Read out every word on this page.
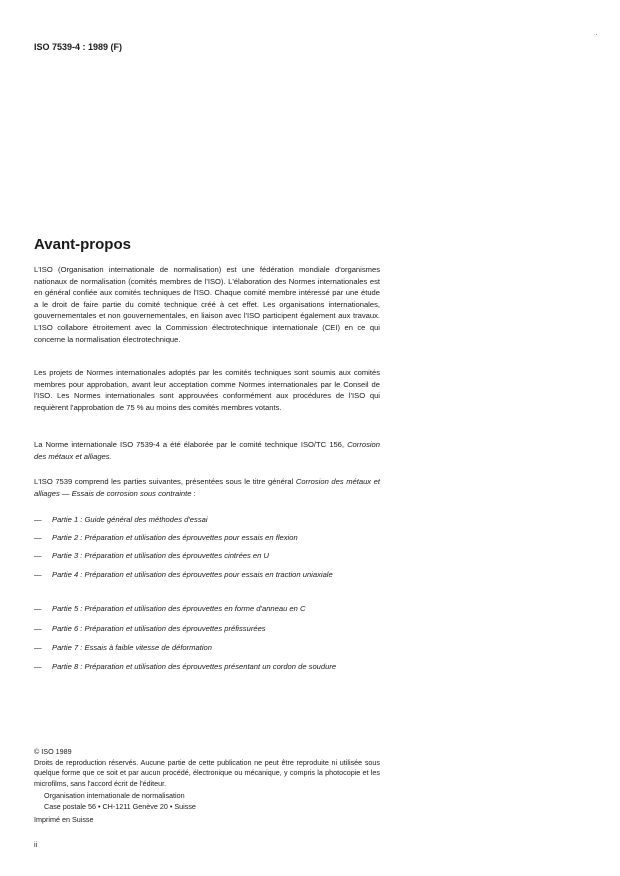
ISO 7539-4 : 1989 (F)
Avant-propos

L'ISO (Organisation internationale de normalisation) est une fédération mondiale d'organismes nationaux de normalisation (comités membres de l'ISO). L'élaboration des Normes internationales est en général confiée aux comités techniques de l'ISO. Chaque comité membre intéressé par une étude a le droit de faire partie du comité technique créé à cet effet. Les organisations internationales, gouvernementales et non gouvernementales, en liaison avec l'ISO participent également aux travaux. L'ISO collabore étroitement avec la Commission électrotechnique internationale (CEI) en ce qui concerne la normalisation électrotechnique.

Les projets de Normes internationales adoptés par les comités techniques sont soumis aux comités membres pour approbation, avant leur acceptation comme Normes internationales par le Conseil de l'ISO. Les Normes internationales sont approuvées conformément aux procédures de l'ISO qui requièrent l'approbation de 75 % au moins des comités membres votants.

La Norme internationale ISO 7539-4 a été élaborée par le comité technique ISO/TC 156, Corrosion des métaux et alliages.

L'ISO 7539 comprend les parties suivantes, présentées sous le titre général Corrosion des métaux et alliages — Essais de corrosion sous contrainte :

— Partie 1 : Guide général des méthodes d'essai
— Partie 2 : Préparation et utilisation des éprouvettes pour essais en flexion
— Partie 3 : Préparation et utilisation des éprouvettes cintrées en U
— Partie 4 : Préparation et utilisation des éprouvettes pour essais en traction uniaxiale
— Partie 5 : Préparation et utilisation des éprouvettes en forme d'anneau en C
— Partie 6 : Préparation et utilisation des éprouvettes préfissurées
— Partie 7 : Essais à faible vitesse de déformation
— Partie 8 : Préparation et utilisation des éprouvettes présentant un cordon de soudure
© ISO 1989
Droits de reproduction réservés. Aucune partie de cette publication ne peut être reproduite ni utilisée sous quelque forme que ce soit et par aucun procédé, électronique ou mécanique, y compris la photocopie et les microfilms, sans l'accord écrit de l'éditeur.
Organisation internationale de normalisation
Case postale 56 • CH-1211 Genève 20 • Suisse
Imprimé en Suisse
ii
